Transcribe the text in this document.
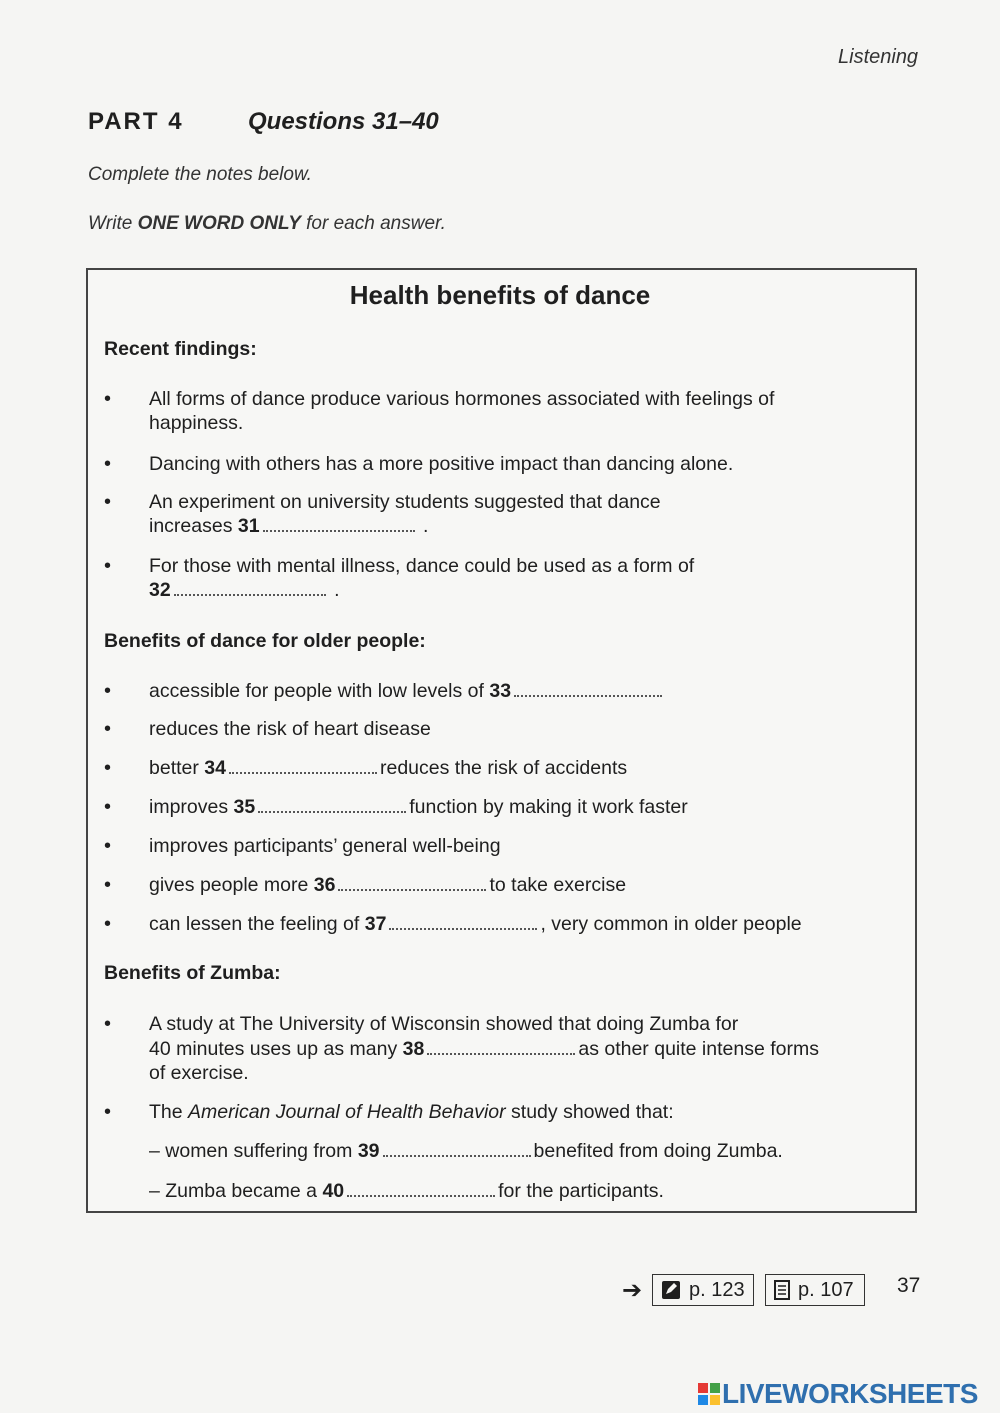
Listening
PART 4	Questions 31–40
Complete the notes below.
Write ONE WORD ONLY for each answer.
Health benefits of dance
Recent findings:
• All forms of dance produce various hormones associated with feelings of
happiness.
• Dancing with others has a more positive impact than dancing alone.
• An experiment on university students suggested that dance
increases 31	.
• For those with mental illness, dance could be used as a form of
32	.
Benefits of dance for older people:
• accessible for people with low levels of 33
• reduces the risk of heart disease
• better 34	reduces the risk of accidents
• improves 35	function by making it work faster
• improves participants’ general well-being
• gives people more 36	to take exercise
• can lessen the feeling of 37	, very common in older people
Benefits of Zumba:
• A study at The University of Wisconsin showed that doing Zumba for
40 minutes uses up as many 38	as other quite intense forms
of exercise.
• The American Journal of Health Behavior study showed that:
– women suffering from 39	benefited from doing Zumba.
– Zumba became a 40	for the participants.
➔ p. 123	p. 107 37
LIVEWORKSHEETS
